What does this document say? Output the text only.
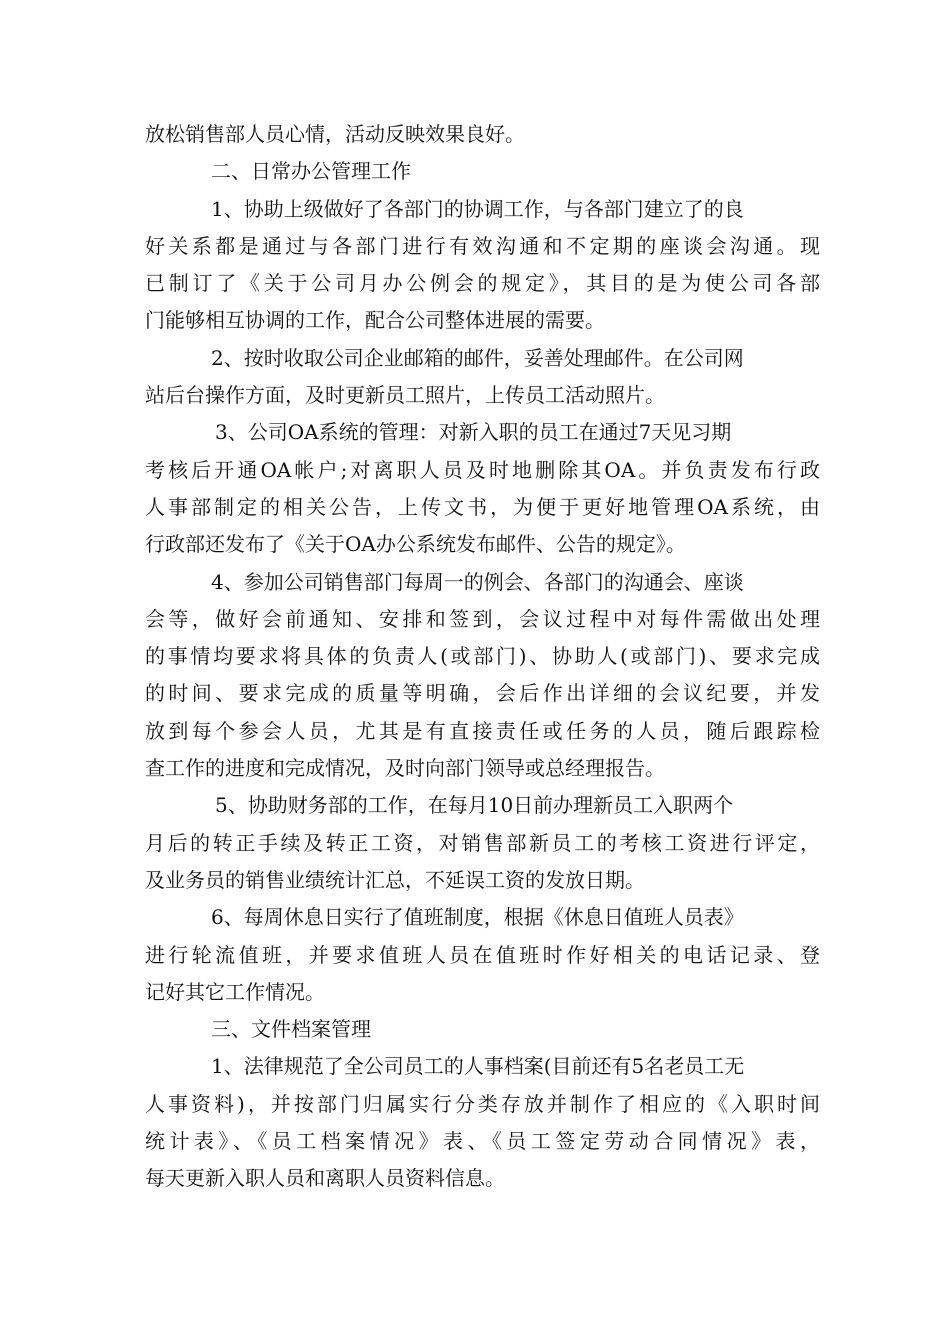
放松销售部人员心情，活动反映效果良好。
二、日常办公管理工作
1、协助上级做好了各部门的协调工作，与各部门建立了的良
好关系都是通过与各部门进行有效沟通和不定期的座谈会沟通。现
已制订了《关于公司月办公例会的规定》，其目的是为使公司各部
门能够相互协调的工作，配合公司整体进展的需要。
2、按时收取公司企业邮箱的邮件，妥善处理邮件。在公司网
站后台操作方面，及时更新员工照片，上传员工活动照片。
3、公司OA系统的管理：对新入职的员工在通过7天见习期
考核后开通OA帐户;对离职人员及时地删除其OA。并负责发布行政
人事部制定的相关公告，上传文书，为便于更好地管理OA系统，由
行政部还发布了《关于OA办公系统发布邮件、公告的规定》。
4、参加公司销售部门每周一的例会、各部门的沟通会、座谈
会等，做好会前通知、安排和签到，会议过程中对每件需做出处理
的事情均要求将具体的负责人(或部门)、协助人(或部门)、要求完成
的时间、要求完成的质量等明确，会后作出详细的会议纪要，并发
放到每个参会人员，尤其是有直接责任或任务的人员，随后跟踪检
查工作的进度和完成情况，及时向部门领导或总经理报告。
5、协助财务部的工作，在每月10日前办理新员工入职两个
月后的转正手续及转正工资，对销售部新员工的考核工资进行评定，
及业务员的销售业绩统计汇总，不延误工资的发放日期。
6、每周休息日实行了值班制度，根据《休息日值班人员表》
进行轮流值班，并要求值班人员在值班时作好相关的电话记录、登
记好其它工作情况。
三、文件档案管理
1、法律规范了全公司员工的人事档案(目前还有5名老员工无
人事资料)，并按部门归属实行分类存放并制作了相应的《入职时间
统计表》、《员工档案情况》表、《员工签定劳动合同情况》表，
每天更新入职人员和离职人员资料信息。
